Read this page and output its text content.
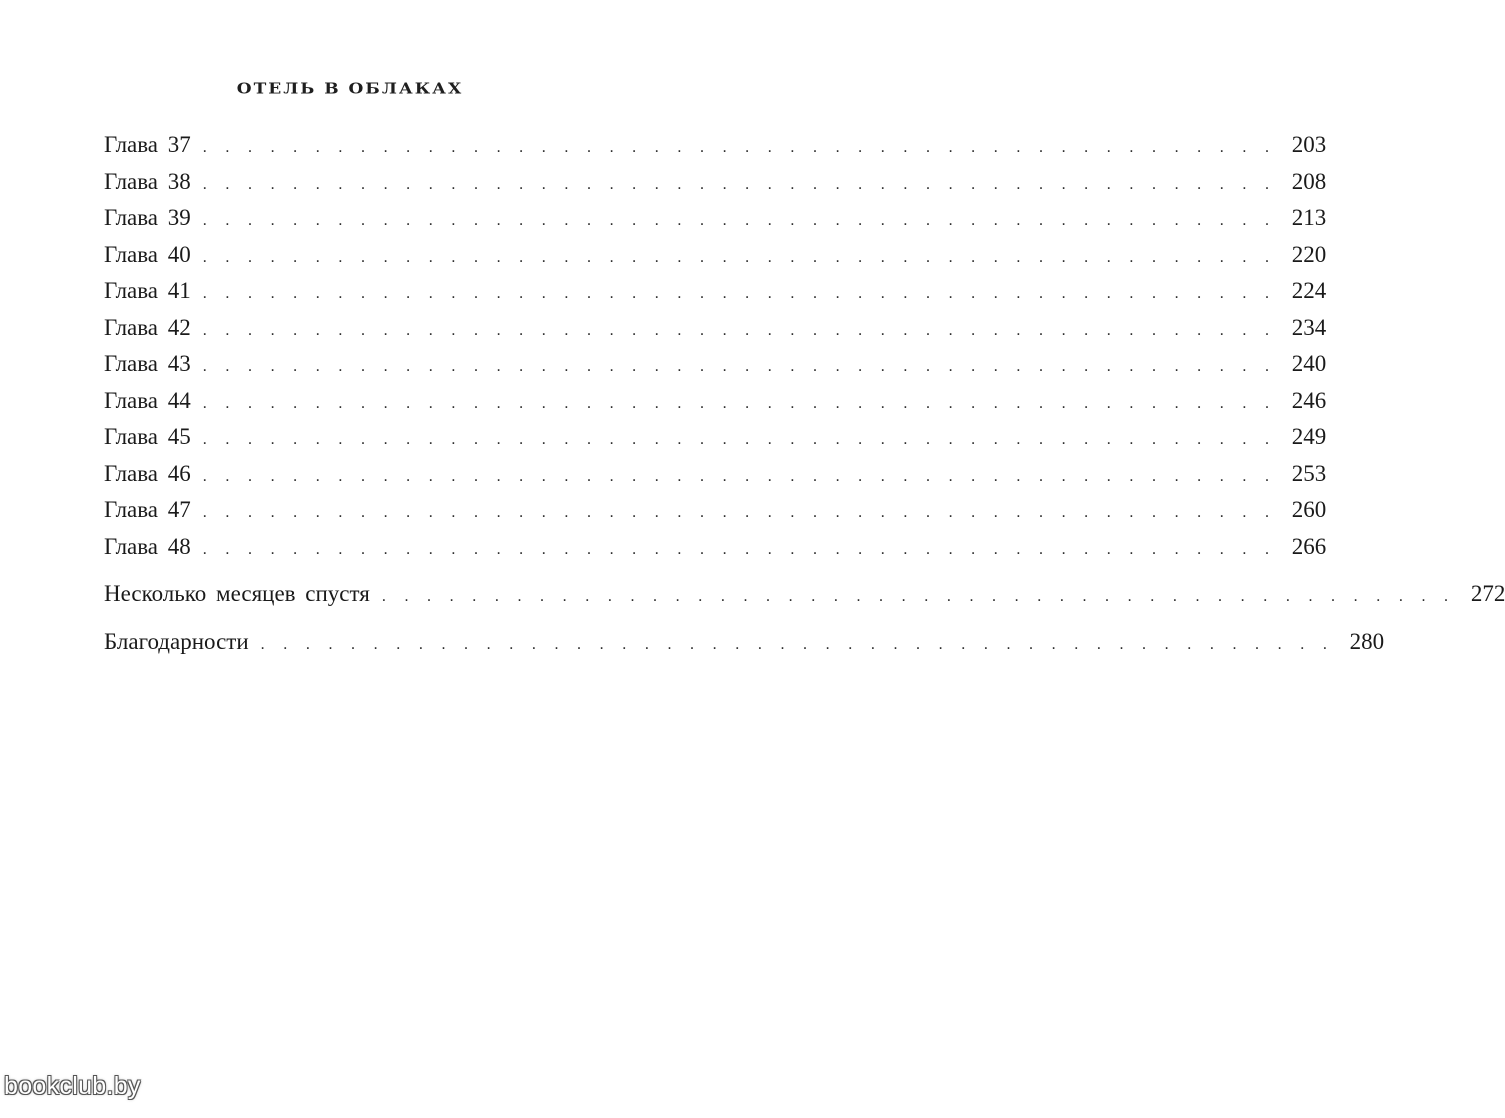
ОТЕЛЬ В ОБЛАКАХ
Глава 37 . . . . . . . . . . . . . . . . . . . . . . . . . . . . . . . . . . . . . . . . . . . . . . . . 203
Глава 38 . . . . . . . . . . . . . . . . . . . . . . . . . . . . . . . . . . . . . . . . . . . . . . . . 208
Глава 39 . . . . . . . . . . . . . . . . . . . . . . . . . . . . . . . . . . . . . . . . . . . . . . . . 213
Глава 40 . . . . . . . . . . . . . . . . . . . . . . . . . . . . . . . . . . . . . . . . . . . . . . . . 220
Глава 41 . . . . . . . . . . . . . . . . . . . . . . . . . . . . . . . . . . . . . . . . . . . . . . . . 224
Глава 42 . . . . . . . . . . . . . . . . . . . . . . . . . . . . . . . . . . . . . . . . . . . . . . . . 234
Глава 43 . . . . . . . . . . . . . . . . . . . . . . . . . . . . . . . . . . . . . . . . . . . . . . . . 240
Глава 44 . . . . . . . . . . . . . . . . . . . . . . . . . . . . . . . . . . . . . . . . . . . . . . . . 246
Глава 45 . . . . . . . . . . . . . . . . . . . . . . . . . . . . . . . . . . . . . . . . . . . . . . . . 249
Глава 46 . . . . . . . . . . . . . . . . . . . . . . . . . . . . . . . . . . . . . . . . . . . . . . . . 253
Глава 47 . . . . . . . . . . . . . . . . . . . . . . . . . . . . . . . . . . . . . . . . . . . . . . . . 260
Глава 48 . . . . . . . . . . . . . . . . . . . . . . . . . . . . . . . . . . . . . . . . . . . . . . . . 266
Несколько месяцев спустя . . . . . . . . . . . . . . . . . . . . . . . . . . . . . . . . . . . . . . . . . . . . . . . . 272
Благодарности . . . . . . . . . . . . . . . . . . . . . . . . . . . . . . . . . . . . . . . . . . . . . . . . 280
bookclub.by
